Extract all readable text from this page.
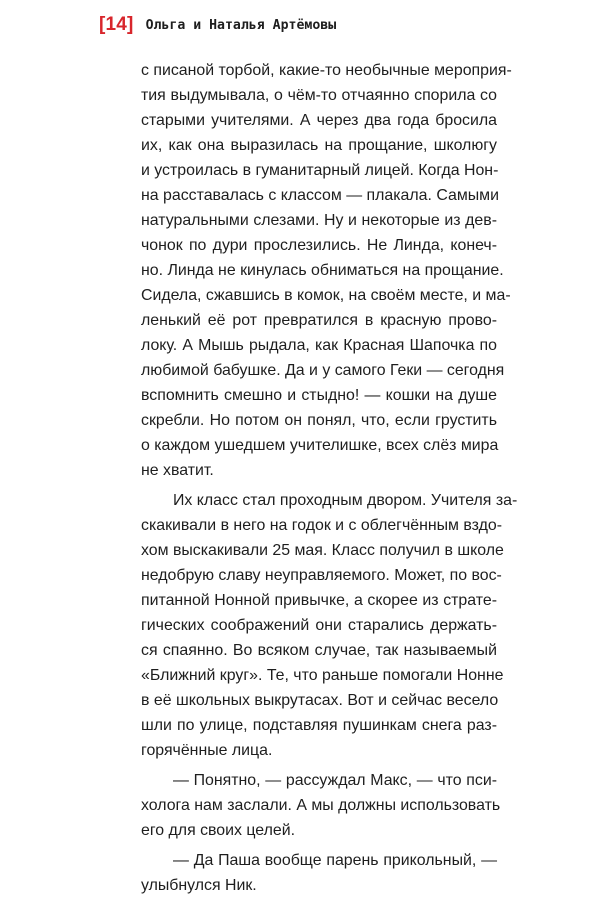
[14] Ольга и Наталья Артёмовы
с писаной торбой, какие-то необычные мероприя-
тия выдумывала, о чём-то отчаянно спорила со
старыми учителями. А через два года бросила
их, как она выразилась на прощание, школюгу
и устроилась в гуманитарный лицей. Когда Нон-
на расставалась с классом — плакала. Самыми
натуральными слезами. Ну и некоторые из дев-
чонок по дури прослезились. Не Линда, конеч-
но. Линда не кинулась обниматься на прощание.
Сидела, сжавшись в комок, на своём месте, и ма-
ленький её рот превратился в красную прово-
локу. А Мышь рыдала, как Красная Шапочка по
любимой бабушке. Да и у самого Геки — сегодня
вспомнить смешно и стыдно! — кошки на душе
скребли. Но потом он понял, что, если грустить
о каждом ушедшем учителишке, всех слёз мира
не хватит.
Их класс стал проходным двором. Учителя за-
скакивали в него на годок и с облегчённым вздо-
хом выскакивали 25 мая. Класс получил в школе
недобрую славу неуправляемого. Может, по вос-
питанной Нонной привычке, а скорее из страте-
гических соображений они старались держать-
ся спаянно. Во всяком случае, так называемый
«Ближний круг». Те, что раньше помогали Нонне
в её школьных выкрутасах. Вот и сейчас весело
шли по улице, подставляя пушинкам снега раз-
горячённые лица.
— Понятно, — рассуждал Макс, — что пси-
холога нам заслали. А мы должны использовать
его для своих целей.
— Да Паша вообще парень прикольный, —
улыбнулся Ник.
